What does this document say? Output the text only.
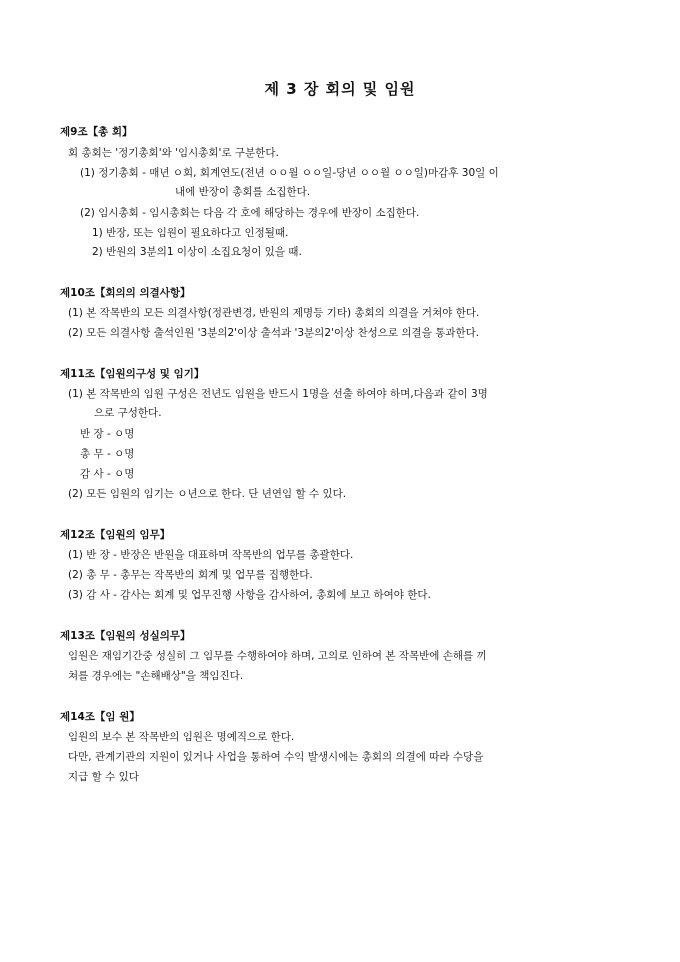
제 3 장 회의 및 임원
제9조【총 회】
회 총회는 '정기총회'와 '임시총회'로 구분한다.
(1) 정기총회 - 매년 ㅇ회, 회계연도(전년 ㅇㅇ월 ㅇㅇ일-당년 ㅇㅇ월 ㅇㅇ일)마감후 30일 이
내에 반장이 총회를 소집한다.
(2) 임시총회 - 임시총회는 다음 각 호에 해당하는 경우에 반장이 소집한다.
1) 반장, 또는 임원이 필요하다고 인정될때.
2) 반원의 3분의1 이상이 소집요청이 있을 때.
제10조【회의의 의결사항】
(1) 본 작목반의 모든 의결사항(정관변경, 반원의 제명등 기타) 총회의 의결을 거쳐야 한다.
(2) 모든 의결사항 출석인원 '3분의2'이상 출석과 '3분의2'이상 찬성으로 의결을 통과한다.
제11조【임원의구성 및 임기】
(1) 본 작목반의 임원 구성은 전년도 임원을 반드시 1명을 선출 하여야 하며,다음과 같이 3명
으로 구성한다.
반 장 - ㅇ명
총 무 - ㅇ명
감 사 - ㅇ명
(2) 모든 임원의 임기는 ㅇ년으로 한다. 단 년연임 할 수 있다.
제12조【임원의 임무】
(1) 반 장 - 반장은 반원을 대표하며 작목반의 업무를 총괄한다.
(2) 총 무 - 총무는 작목반의 회계 및 업무를 집행한다.
(3) 감 사 - 감사는 회계 및 업무진행 사항을 감사하여, 총회에 보고 하여야 한다.
제13조【임원의 성실의무】
임원은 재임기간중 성실히 그 임무를 수행하여야 하며, 고의로 인하여 본 작목반에 손해를 끼
쳐를 경우에는 "손해배상"을 책임진다.
제14조【임 원】
임원의 보수 본 작목반의 임원은 명예직으로 한다.
다만, 관계기관의 지원이 있거나 사업을 통하여 수익 발생시에는 총회의 의결에 따라 수당을
지급 할 수 있다
